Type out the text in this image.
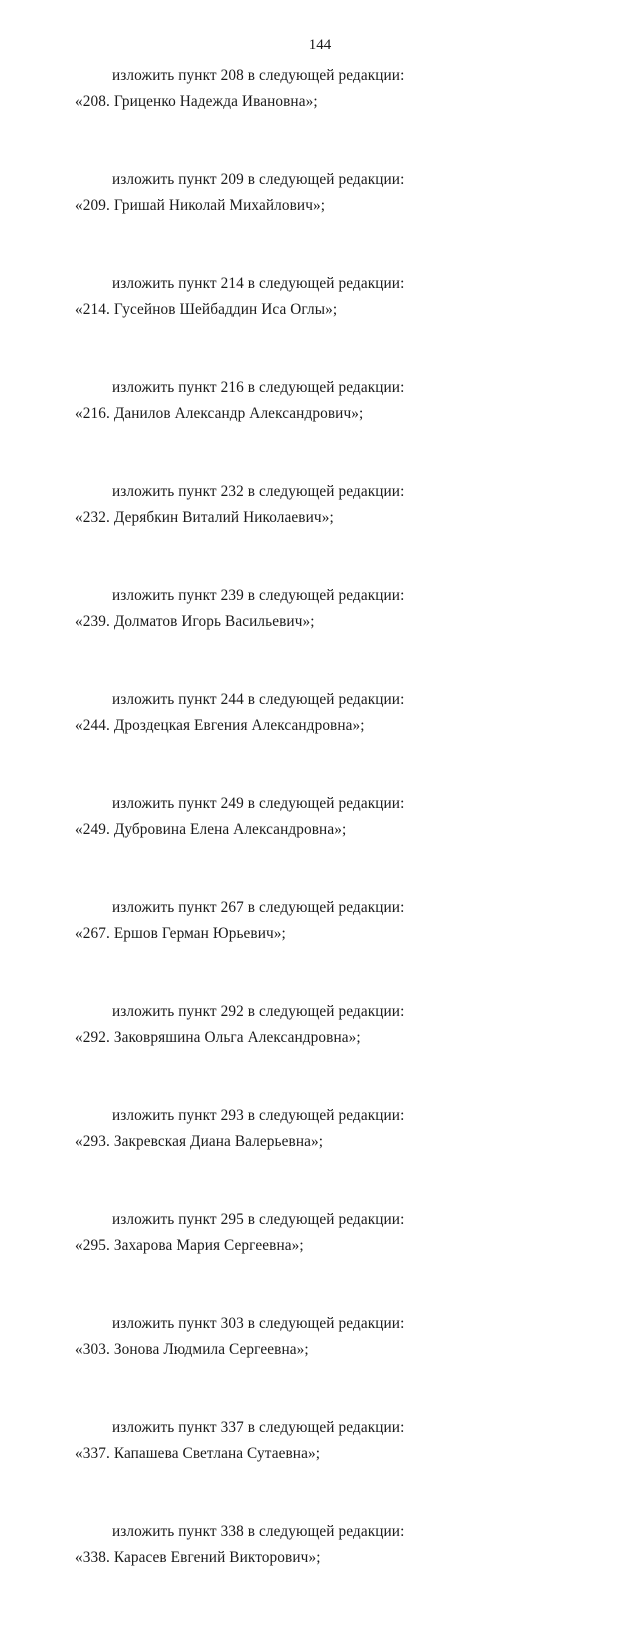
144
изложить пункт 208 в следующей редакции:
«208. Гриценко Надежда Ивановна»;
изложить пункт 209 в следующей редакции:
«209. Гришай Николай Михайлович»;
изложить пункт 214 в следующей редакции:
«214. Гусейнов Шейбаддин Иса Оглы»;
изложить пункт 216 в следующей редакции:
«216. Данилов Александр Александрович»;
изложить пункт 232 в следующей редакции:
«232. Дерябкин Виталий Николаевич»;
изложить пункт 239 в следующей редакции:
«239. Долматов Игорь Васильевич»;
изложить пункт 244 в следующей редакции:
«244. Дроздецкая Евгения Александровна»;
изложить пункт 249 в следующей редакции:
«249. Дубровина Елена Александровна»;
изложить пункт 267 в следующей редакции:
«267. Ершов Герман Юрьевич»;
изложить пункт 292 в следующей редакции:
«292. Заковряшина Ольга Александровна»;
изложить пункт 293 в следующей редакции:
«293. Закревская Диана Валерьевна»;
изложить пункт 295 в следующей редакции:
«295. Захарова Мария Сергеевна»;
изложить пункт 303 в следующей редакции:
«303. Зонова Людмила Сергеевна»;
изложить пункт 337 в следующей редакции:
«337. Капашева Светлана Сутаевна»;
изложить пункт 338 в следующей редакции:
«338. Карасев Евгений Викторович»;
